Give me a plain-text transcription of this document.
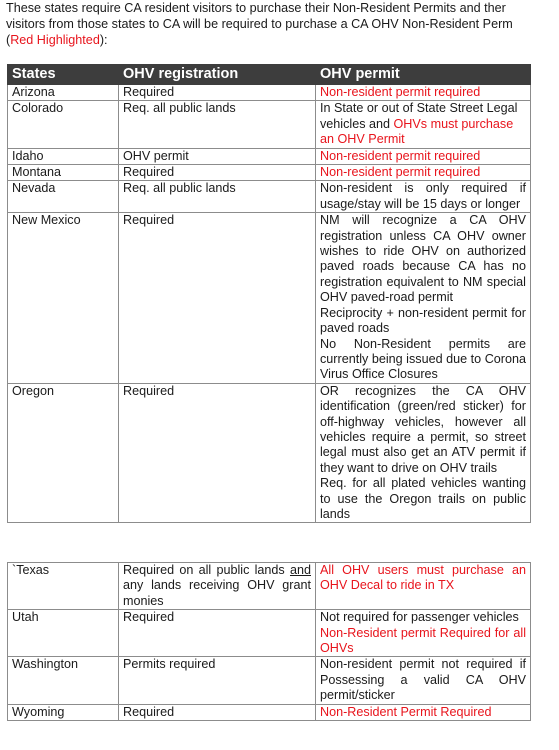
These states require CA resident visitors to purchase their Non-Resident Permits and ther
visitors from those states to CA will be required to purchase a CA OHV Non-Resident Perm
(Red Highlighted):
States	OHV registration	OHV permit
Arizona	Required	Non-resident permit required
Colorado	Req. all public lands	In State or out of State Street Legal vehicles and OHVs must purchase an OHV Permit
Idaho	OHV permit	Non-resident permit required
Montana	Required	Non-resident permit required
Nevada	Req. all public lands	Non-resident is only required if usage/stay will be 15 days or longer
New Mexico	Required	NM will recognize a CA OHV registration unless CA OHV owner wishes to ride OHV on authorized paved roads because CA has no registration equivalent to NM special OHV paved-road permit
Reciprocity + non-resident permit for paved roads
No Non-Resident permits are currently being issued due to Corona Virus Office Closures

Oregon	Required	OR recognizes the CA OHV identification (green/red sticker) for off-highway vehicles, however all vehicles require a permit, so street legal must also get an ATV permit if they want to drive on OHV trails
Req. for all plated vehicles wanting to use the Oregon trails on public lands
`Texas	Required on all public lands and any lands receiving OHV grant monies	All OHV users must purchase an OHV Decal to ride in TX
Utah	Required	Not required for passenger vehicles
Non-Resident permit Required for all OHVs

Washington	Permits required	Non-resident permit not required if Possessing a valid CA OHV permit/sticker
Wyoming	Required	Non-Resident Permit Required
